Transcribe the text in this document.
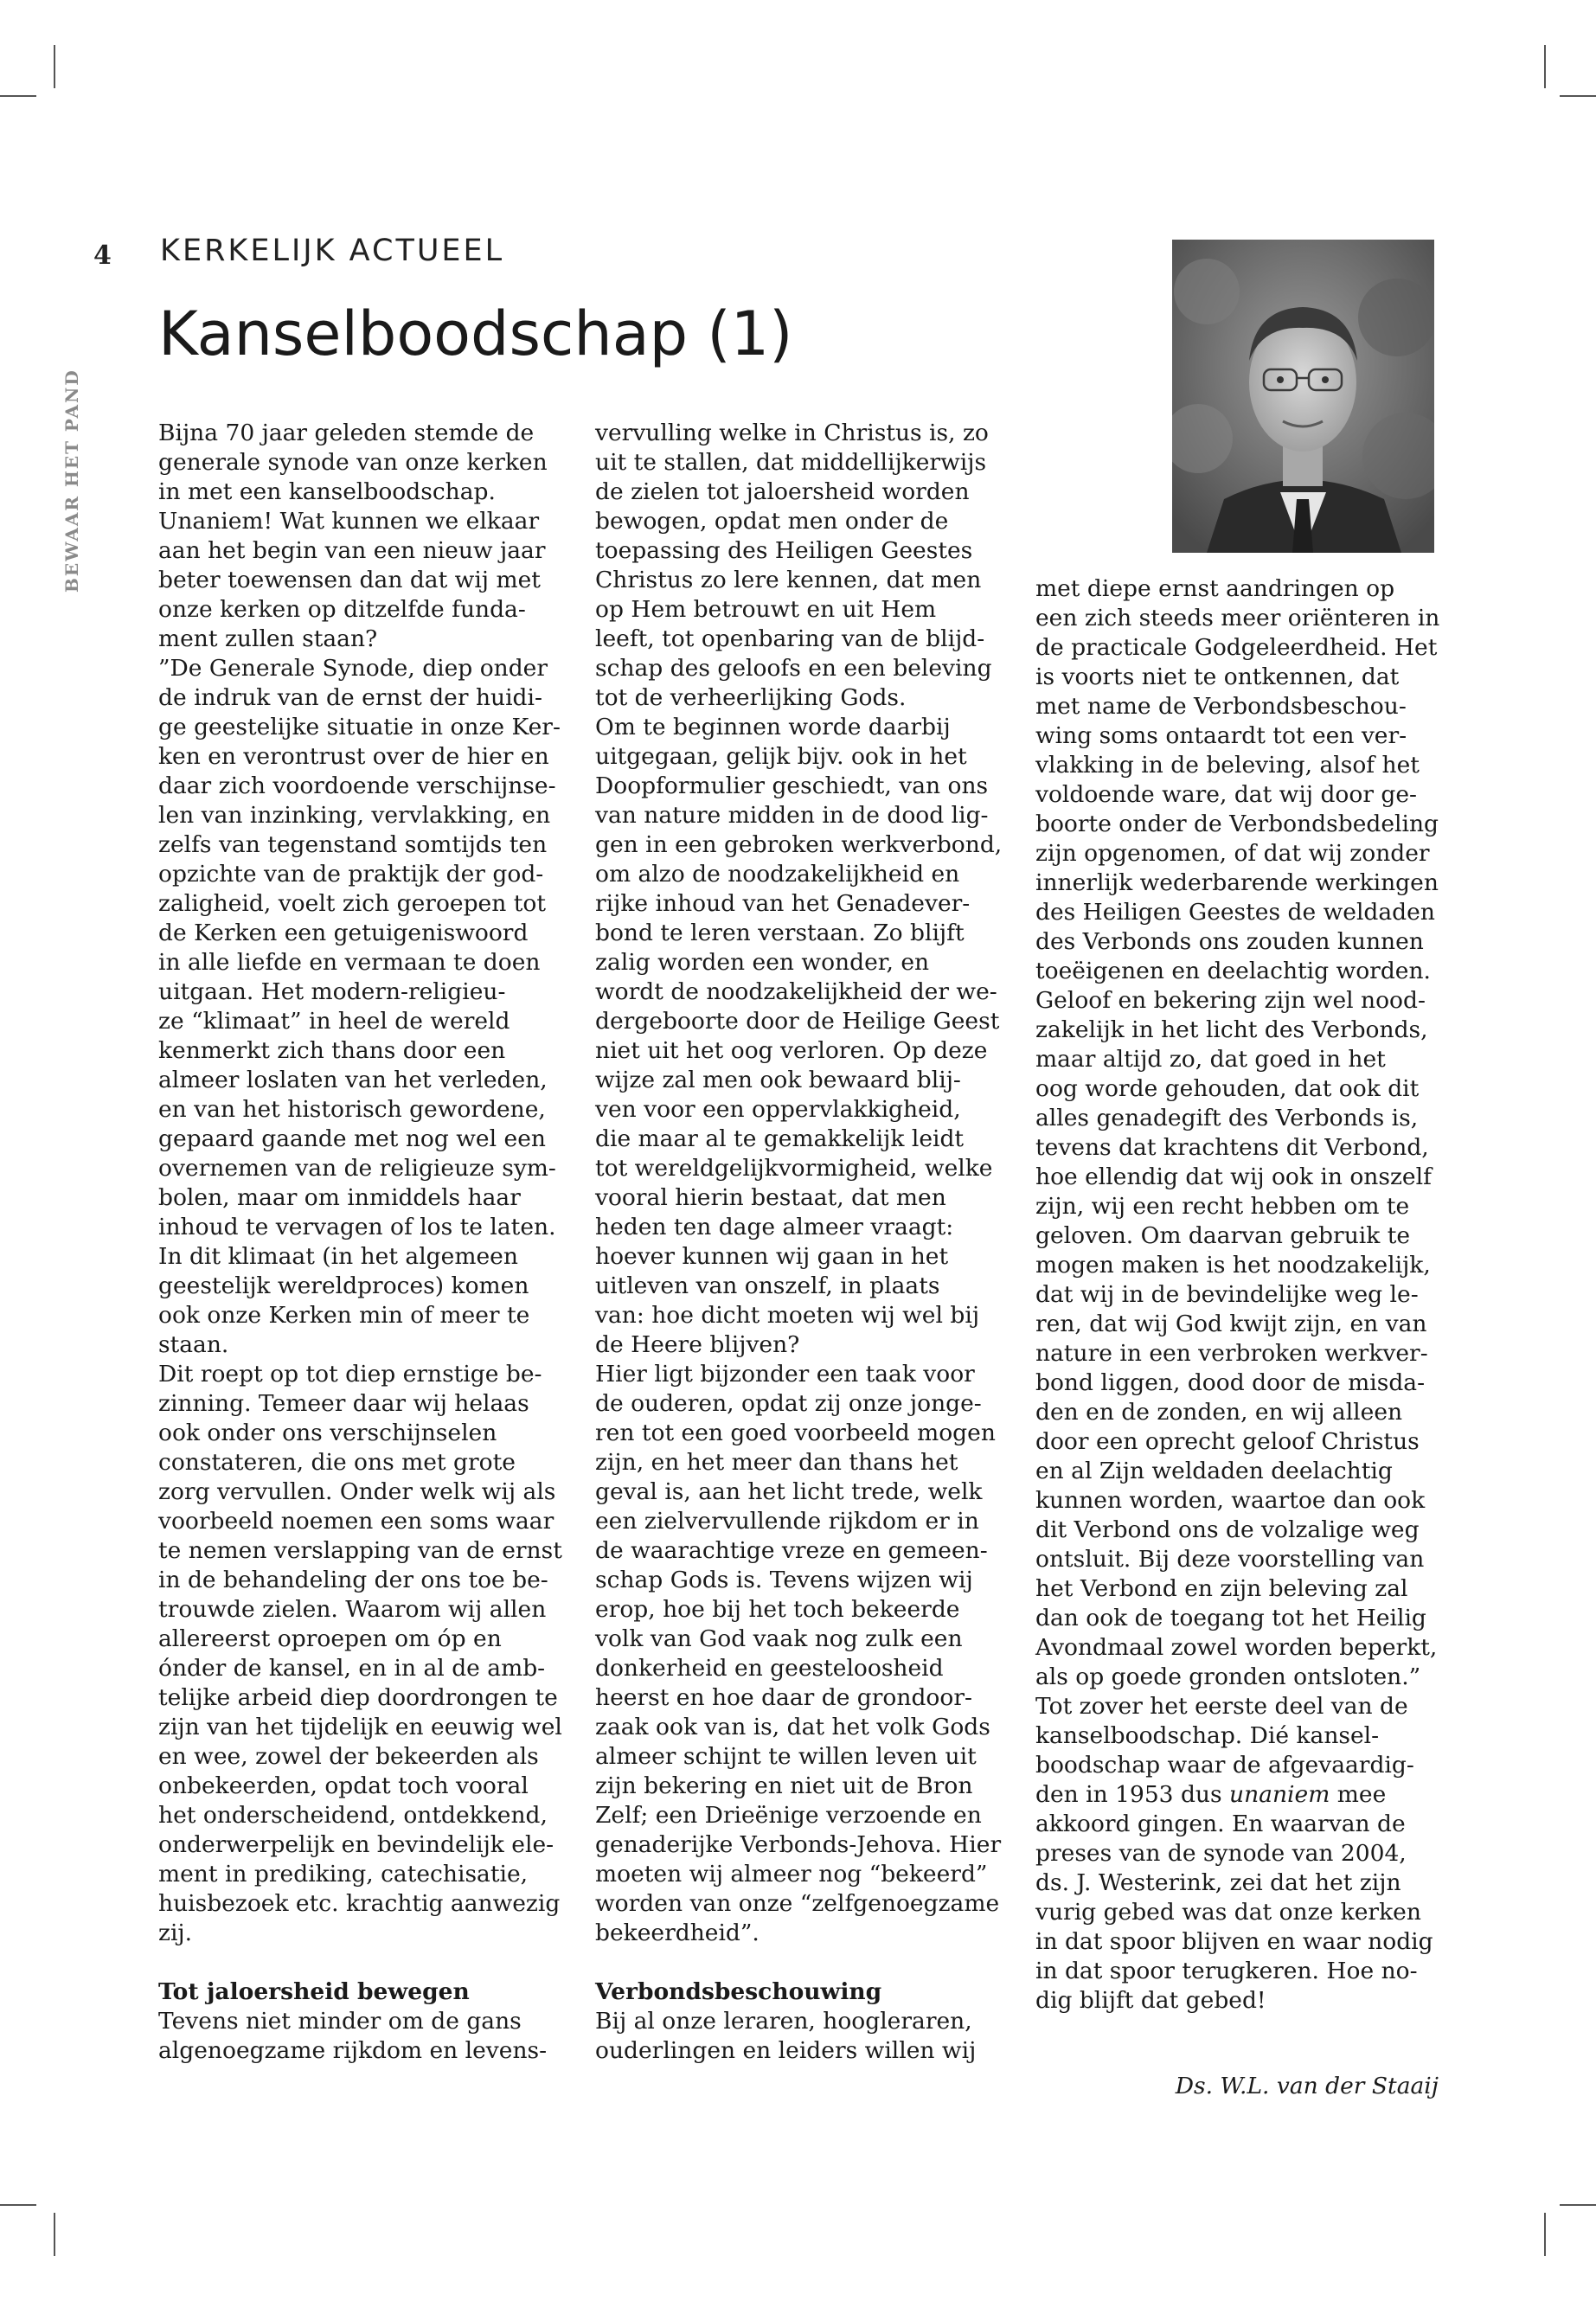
4
BEWAAR HET PAND
KERKELIJK ACTUEEL
Kanselboodschap (1)

Bijna 70 jaar geleden stemde de
generale synode van onze kerken
in met een kanselboodschap.
Unaniem! Wat kunnen we elkaar
aan het begin van een nieuw jaar
beter toewensen dan dat wij met
onze kerken op ditzelfde funda-
ment zullen staan?

”De Generale Synode, diep onder
de indruk van de ernst der huidi-
ge geestelijke situatie in onze Ker-
ken en verontrust over de hier en
daar zich voordoende verschijnse-
len van inzinking, vervlakking, en
zelfs van tegenstand somtijds ten
opzichte van de praktijk der god-
zaligheid, voelt zich geroepen tot
de Kerken een getuigeniswoord
in alle liefde en vermaan te doen
uitgaan. Het modern-religieu-
ze “klimaat” in heel de wereld
kenmerkt zich thans door een
almeer loslaten van het verleden,
en van het historisch gewordene,
gepaard gaande met nog wel een
overnemen van de religieuze sym-
bolen, maar om inmiddels haar
inhoud te vervagen of los te laten.
In dit klimaat (in het algemeen
geestelijk wereldproces) komen
ook onze Kerken min of meer te
staan.

Dit roept op tot diep ernstige be-
zinning. Temeer daar wij helaas
ook onder ons verschijnselen
constateren, die ons met grote
zorg vervullen. Onder welk wij als
voorbeeld noemen een soms waar
te nemen verslapping van de ernst
in de behandeling der ons toe be-
trouwde zielen. Waarom wij allen
allereerst oproepen om óp en
ónder de kansel, en in al de amb-
telijke arbeid diep doordrongen te
zijn van het tijdelijk en eeuwig wel
en wee, zowel der bekeerden als
onbekeerden, opdat toch vooral
het onderscheidend, ontdekkend,
onderwerpelijk en bevindelijk ele-
ment in prediking, catechisatie,
huisbezoek etc. krachtig aanwezig
zij.

Tot jaloersheid bewegen

Tevens niet minder om de gans
algenoegzame rijkdom en levens-

vervulling welke in Christus is, zo
uit te stallen, dat middellijkerwijs
de zielen tot jaloersheid worden
bewogen, opdat men onder de
toepassing des Heiligen Geestes
Christus zo lere kennen, dat men
op Hem betrouwt en uit Hem
leeft, tot openbaring van de blijd-
schap des geloofs en een beleving
tot de verheerlijking Gods.

Om te beginnen worde daarbij
uitgegaan, gelijk bijv. ook in het
Doopformulier geschiedt, van ons
van nature midden in de dood lig-
gen in een gebroken werkverbond,
om alzo de noodzakelijkheid en
rijke inhoud van het Genadever-
bond te leren verstaan. Zo blijft
zalig worden een wonder, en
wordt de noodzakelijkheid der we-
dergeboorte door de Heilige Geest
niet uit het oog verloren. Op deze
wijze zal men ook bewaard blij-
ven voor een oppervlakkigheid,
die maar al te gemakkelijk leidt
tot wereldgelijkvormigheid, welke
vooral hierin bestaat, dat men
heden ten dage almeer vraagt:
hoever kunnen wij gaan in het
uitleven van onszelf, in plaats
van: hoe dicht moeten wij wel bij
de Heere blijven?

Hier ligt bijzonder een taak voor
de ouderen, opdat zij onze jonge-
ren tot een goed voorbeeld mogen
zijn, en het meer dan thans het
geval is, aan het licht trede, welk
een zielvervullende rijkdom er in
de waarachtige vreze en gemeen-
schap Gods is. Tevens wijzen wij
erop, hoe bij het toch bekeerde
volk van God vaak nog zulk een
donkerheid en geesteloosheid
heerst en hoe daar de grondoor-
zaak ook van is, dat het volk Gods
almeer schijnt te willen leven uit
zijn bekering en niet uit de Bron
Zelf; een Drieënige verzoende en
genaderijke Verbonds-Jehova. Hier
moeten wij almeer nog “bekeerd”
worden van onze “zelfgenoegzame
bekeerdheid”.

Verbondsbeschouwing

Bij al onze leraren, hoogleraren,
ouderlingen en leiders willen wij

met diepe ernst aandringen op
een zich steeds meer oriënteren in
de practicale Godgeleerdheid. Het
is voorts niet te ontkennen, dat
met name de Verbondsbeschou-
wing soms ontaardt tot een ver-
vlakking in de beleving, alsof het
voldoende ware, dat wij door ge-
boorte onder de Verbondsbedeling
zijn opgenomen, of dat wij zonder
innerlijk wederbarende werkingen
des Heiligen Geestes de weldaden
des Verbonds ons zouden kunnen
toeëigenen en deelachtig worden.

Geloof en bekering zijn wel nood-
zakelijk in het licht des Verbonds,
maar altijd zo, dat goed in het
oog worde gehouden, dat ook dit
alles genadegift des Verbonds is,
tevens dat krachtens dit Verbond,
hoe ellendig dat wij ook in onszelf
zijn, wij een recht hebben om te
geloven. Om daarvan gebruik te
mogen maken is het noodzakelijk,
dat wij in de bevindelijke weg le-
ren, dat wij God kwijt zijn, en van
nature in een verbroken werkver-
bond liggen, dood door de misda-
den en de zonden, en wij alleen
door een oprecht geloof Christus
en al Zijn weldaden deelachtig
kunnen worden, waartoe dan ook
dit Verbond ons de volzalige weg
ontsluit. Bij deze voorstelling van
het Verbond en zijn beleving zal
dan ook de toegang tot het Heilig
Avondmaal zowel worden beperkt,
als op goede gronden ontsloten.”

Tot zover het eerste deel van de
kanselboodschap. Dié kansel-
boodschap waar de afgevaardig-
den in 1953 dus unaniem mee
akkoord gingen. En waarvan de
preses van de synode van 2004,
ds. J. Westerink, zei dat het zijn
vurig gebed was dat onze kerken
in dat spoor blijven en waar nodig
in dat spoor terugkeren. Hoe no-
dig blijft dat gebed!

Ds. W.L. van der Staaij
